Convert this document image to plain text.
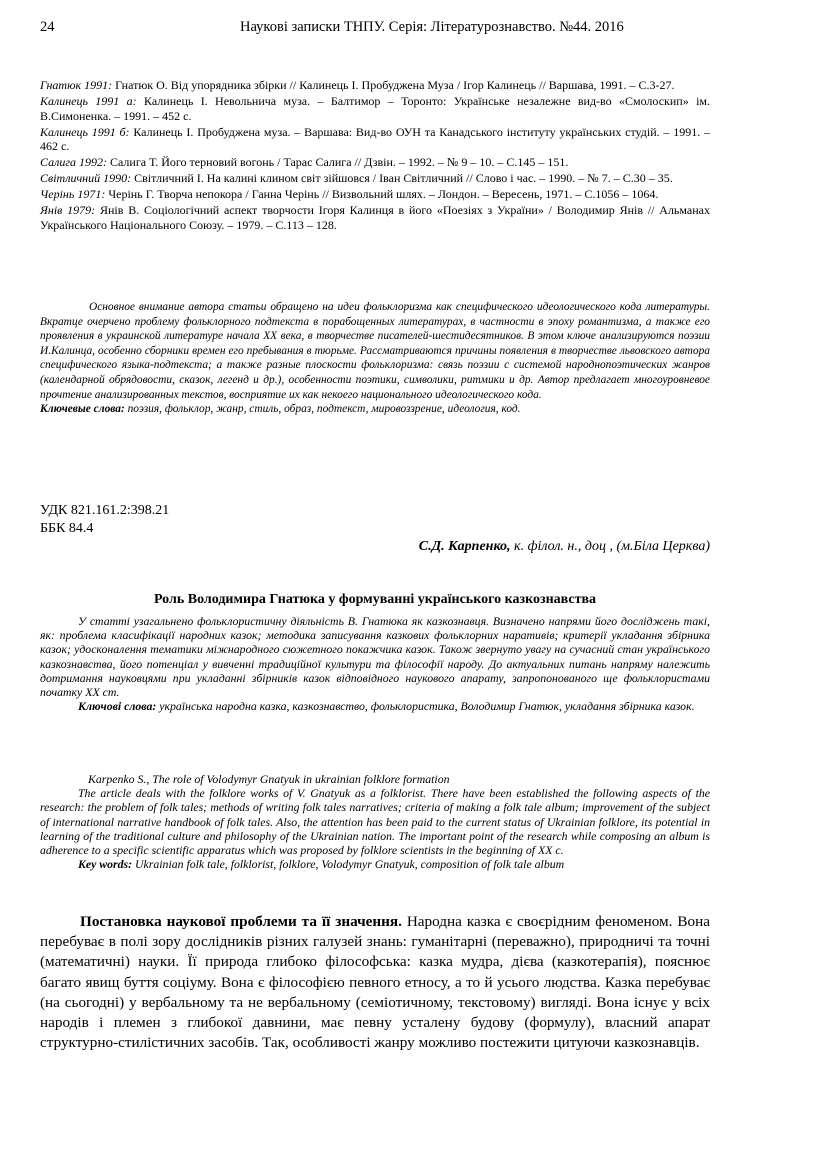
24	Наукові записки ТНПУ. Серія: Літературознавство. №44. 2016

Гнатюк 1991: Гнатюк О. Від упорядника збірки // Калинець І. Пробуджена Муза / Ігор Калинець // Варшава, 1991. – С.3-27.

Калинець 1991 а: Калинець І. Невольнича муза. – Балтимор – Торонто: Українське незалежне вид-во «Смолоскип» ім. В.Симоненка. – 1991. – 452 с.

Калинець 1991 б: Калинець І. Пробуджена муза. – Варшава: Вид-во ОУН та Канадського інституту українських студій. – 1991. – 462 с.

Салига 1992: Салига Т. Його терновий вогонь / Тарас Салига // Дзвін. – 1992. – № 9 – 10. – С.145 – 151.

Світличний 1990: Світличний І. На калині клином світ зійшовся / Іван Світличний // Слово і час. – 1990. – № 7. – С.30 – 35.

Черінь 1971: Черінь Г. Творча непокора / Ганна Черінь // Визвольний шлях. – Лондон. – Вересень, 1971. – С.1056 – 1064.

Янів 1979: Янів В. Соціологічний аспект творчости Ігоря Калинця в його «Поезіях з України» / Володимир Янів // Альманах Українського Національного Союзу. – 1979. – С.113 – 128.

Основное внимание автора статьи обращено на идеи фольклоризма как специфического идеологического кода литературы. Вкратце очерчено проблему фольклорного подтекста в порабощенных литературах, в частности в эпоху романтизма, а также его проявления в украинской литературе начала ХХ века, в творчестве писателей-шестидесятников. В этом ключе анализируются поэзии И.Калинца, особенно сборники времен его пребывания в тюрьме. Рассматриваются причины появления в творчестве львовского автора специфического языка-подтекста; а также разные плоскости фольклоризма: связь поэзии с системой народнопоэтических жанров (календарной обрядовости, сказок, легенд и др.), особенности поэтики, символики, ритмики и др. Автор предлагает многоуровневое прочтение анализированных текстов, восприятие их как некоего национального идеологического кода.

Ключевые слова: поэзия, фольклор, жанр, стиль, образ, подтекст, мировоззрение, идеология, код.

УДК 821.161.2:398.21
ББК 84.4
С.Д. Карпенко, к. філол. н., доц , (м.Біла Церква)
Роль Володимира Гнатюка у формуванні українського казкознавства

У статті узагальнено фольклористичну діяльність В. Гнатюка як казкознавця. Визначено напрями його досліджень такі, як: проблема класифікації народних казок; методика записування казкових фольклорних наративів; критерії укладання збірника казок; удосконалення тематики міжнародного сюжетного покажчика казок. Також звернуто увагу на сучасний стан українського казкознавства, його потенціал у вивченні традиційної культури та філософії народу. До актуальних питань напряму належить дотримання науковцями при укладанні збірників казок відповідного наукового апарату, запропонованого ще фольклористами початку ХХ ст.

Ключові слова: українська народна казка, казкознавство, фольклористика, Володимир Гнатюк, укладання збірника казок.

Karpenko S., The role of Volodymyr Gnatyuk in ukrainian folklore formation

The article deals with the folklore works of V. Gnatyuk as a folklorist. There have been established the following aspects of the research: the problem of folk tales; methods of writing folk tales narratives; criteria of making a folk tale album; improvement of the subject of international narrative handbook of folk tales. Also, the attention has been paid to the current status of Ukrainian folklore, its potential in learning of the traditional culture and philosophy of the Ukrainian nation. The important point of the research while composing an album is adherence to a specific scientific apparatus which was proposed by folklore scientists in the beginning of XX c.

Key words: Ukrainian folk tale, folklorist, folklore, Volodymyr Gnatyuk, composition of folk tale album

Постановка наукової проблеми та її значення. Народна казка є своєрідним феноменом. Вона перебуває в полі зору дослідників різних галузей знань: гуманітарні (переважно), природничі та точні (математичні) науки. Її природа глибоко філософська: казка мудра, дієва (казкотерапія), пояснює багато явищ буття соціуму. Вона є філософією певного етносу, а то й усього людства. Казка перебуває (на сьогодні) у вербальному та не вербальному (семіотичному, текстовому) вигляді. Вона існує у всіх народів і племен з глибокої давнини, має певну усталену будову (формулу), власний апарат структурно-стилістичних засобів. Так, особливості жанру можливо постежити цитуючи казкознавців.
